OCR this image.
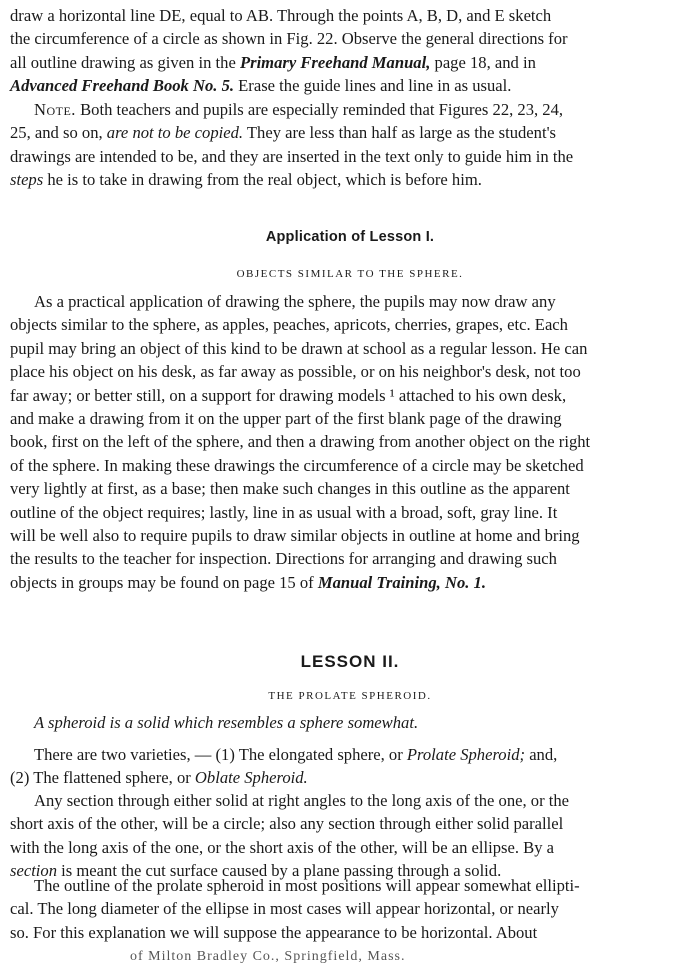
draw a horizontal line DE, equal to AB. Through the points A, B, D, and E sketch
the circumference of a circle as shown in Fig. 22. Observe the general directions for
all outline drawing as given in the Primary Freehand Manual, page 18, and in
Advanced Freehand Book No. 5. Erase the guide lines and line in as usual.
Note. Both teachers and pupils are especially reminded that Figures 22, 23, 24,
25, and so on, are not to be copied. They are less than half as large as the student's
drawings are intended to be, and they are inserted in the text only to guide him in the
steps he is to take in drawing from the real object, which is before him.

Application of Lesson I.

OBJECTS SIMILAR TO THE SPHERE.

As a practical application of drawing the sphere, the pupils may now draw any
objects similar to the sphere, as apples, peaches, apricots, cherries, grapes, etc. Each
pupil may bring an object of this kind to be drawn at school as a regular lesson. He can
place his object on his desk, as far away as possible, or on his neighbor's desk, not too
far away; or better still, on a support for drawing models ¹ attached to his own desk,
and make a drawing from it on the upper part of the first blank page of the drawing
book, first on the left of the sphere, and then a drawing from another object on the right
of the sphere. In making these drawings the circumference of a circle may be sketched
very lightly at first, as a base; then make such changes in this outline as the apparent
outline of the object requires; lastly, line in as usual with a broad, soft, gray line. It
will be well also to require pupils to draw similar objects in outline at home and bring
the results to the teacher for inspection. Directions for arranging and drawing such
objects in groups may be found on page 15 of Manual Training, No. 1.

LESSON II.

THE PROLATE SPHEROID.

A spheroid is a solid which resembles a sphere somewhat.
There are two varieties, — (1) The elongated sphere, or Prolate Spheroid; and,
(2) The flattened sphere, or Oblate Spheroid.
Any section through either solid at right angles to the long axis of the one, or the
short axis of the other, will be a circle; also any section through either solid parallel
with the long axis of the one, or the short axis of the other, will be an ellipse. By a
section is meant the cut surface caused by a plane passing through a solid.
The outline of the prolate spheroid in most positions will appear somewhat ellipti-
cal. The long diameter of the ellipse in most cases will appear horizontal, or nearly
so. For this explanation we will suppose the appearance to be horizontal. About
of Milton Bradley Co., Springfield, Mass.
